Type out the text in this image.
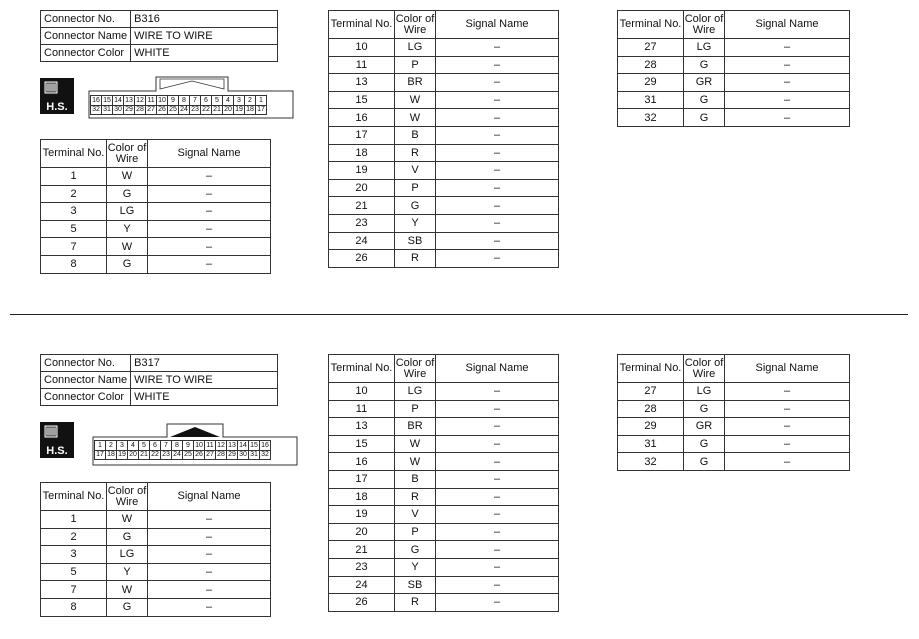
Connector No.	B316
Connector Name	WIRE TO WIRE
Connector Color	WHITE
H.S.
16	15	14	13	12	11	10	9	8	7	6	5	4	3	2	1
32	31	30	29	28	27	26	25	24	23	22	21	20	19	18	17
Terminal No.	Color of Wire	Signal Name
1	W	–
2	G	–
3	LG	–
5	Y	–
7	W	–
8	G	–
Terminal No.	Color of Wire	Signal Name
10	LG	–
11	P	–
13	BR	–
15	W	–
16	W	–
17	B	–
18	R	–
19	V	–
20	P	–
21	G	–
23	Y	–
24	SB	–
26	R	–
Terminal No.	Color of Wire	Signal Name
27	LG	–
28	G	–
29	GR	–
31	G	–
32	G	–
Connector No.	B317
Connector Name	WIRE TO WIRE
Connector Color	WHITE
H.S.	1	2	3	4	5	6	7	8	9	10	11	12	13	14	15	16
17	18	19	20	21	22	23	24	25	26	27	28	29	30	31	32
Terminal No.	Color of Wire	Signal Name
1	W	–
2	G	–
3	LG	–
5	Y	–
7	W	–
8	G	–
Terminal No.	Color of Wire	Signal Name
10	LG	–
11	P	–
13	BR	–
15	W	–
16	W	–
17	B	–
18	R	–
19	V	–
20	P	–
21	G	–
23	Y	–
24	SB	–
26	R	–
Terminal No.	Color of Wire	Signal Name
27	LG	–
28	G	–
29	GR	–
31	G	–
32	G	–
